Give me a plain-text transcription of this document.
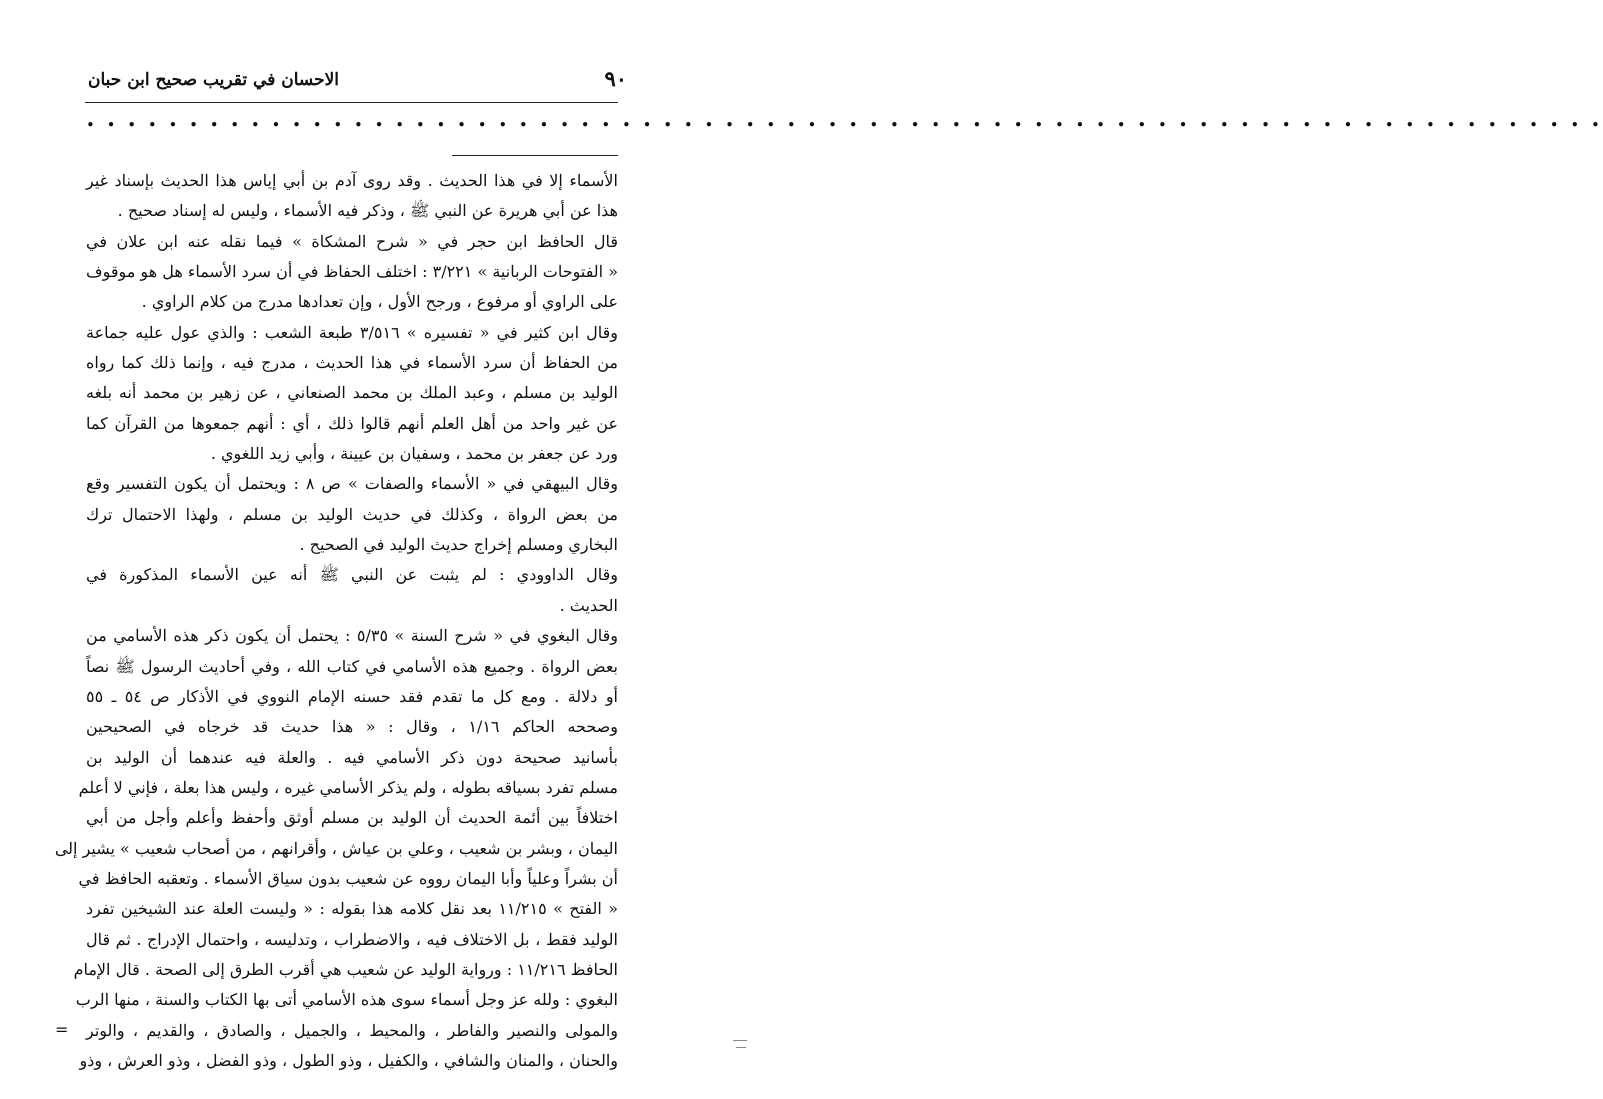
٩٠
الاحسان في تقريب صحيح ابن حبان
• • • • • • • • • • • • • • • • • • • • • • • • • • • • • • • • • • • • • • • • • • • • • • • • • • • • • • • • • • • • • • • • • • • • • • • • • •
الأسماء إلا في هذا الحديث . وقد روى آدم بن أبي إياس هذا الحديث بإسناد غير
هذا عن أبي هريرة عن النبي ﷺ ، وذكر فيه الأسماء ، وليس له إسناد صحيح .
قال الحافظ ابن حجر في « شرح المشكاة » فيما نقله عنه ابن علان في
« الفتوحات الربانية » ٣/٢٢١ : اختلف الحفاظ في أن سرد الأسماء هل هو موقوف
على الراوي أو مرفوع ، ورجح الأول ، وإن تعدادها مدرج من كلام الراوي .
وقال ابن كثير في « تفسيره » ٣/٥١٦ طبعة الشعب : والذي عول عليه جماعة
من الحفاظ أن سرد الأسماء في هذا الحديث ، مدرج فيه ، وإنما ذلك كما رواه
الوليد بن مسلم ، وعبد الملك بن محمد الصنعاني ، عن زهير بن محمد أنه بلغه
عن غير واحد من أهل العلم أنهم قالوا ذلك ، أي : أنهم جمعوها من القرآن كما
ورد عن جعفر بن محمد ، وسفيان بن عيينة ، وأبي زيد اللغوي .
وقال البيهقي في « الأسماء والصفات » ص ٨ : ويحتمل أن يكون التفسير وقع
من بعض الرواة ، وكذلك في حديث الوليد بن مسلم ، ولهذا الاحتمال ترك
البخاري ومسلم إخراج حديث الوليد في الصحيح .
وقال الداوودي : لم يثبت عن النبي ﷺ أنه عين الأسماء المذكورة في
الحديث .
وقال البغوي في « شرح السنة » ٥/٣٥ : يحتمل أن يكون ذكر هذه الأسامي من
بعض الرواة . وجميع هذه الأسامي في كتاب الله ، وفي أحاديث الرسول ﷺ نصاً
أو دلالة . ومع كل ما تقدم فقد حسنه الإمام النووي في الأذكار ص ٥٤ ـ ٥٥
وصححه الحاكم ١/١٦ ، وقال : « هذا حديث قد خرجاه في الصحيحين
بأسانيد صحيحة دون ذكر الأسامي فيه . والعلة فيه عندهما أن الوليد بن
مسلم تفرد بسياقه بطوله ، ولم يذكر الأسامي غيره ، وليس هذا بعلة ، فإني لا أعلم
اختلافاً بين أئمة الحديث أن الوليد بن مسلم أوثق وأحفظ وأعلم وأجل من أبي
اليمان ، وبشر بن شعيب ، وعلي بن عياش ، وأقرانهم ، من أصحاب شعيب » يشير إلى
أن بشراً وعلياً وأبا اليمان رووه عن شعيب بدون سياق الأسماء . وتعقبه الحافظ في
« الفتح » ١١/٢١٥ بعد نقل كلامه هذا بقوله : « وليست العلة عند الشيخين تفرد
الوليد فقط ، بل الاختلاف فيه ، والاضطراب ، وتدليسه ، واحتمال الإدراج . ثم قال
الحافظ ١١/٢١٦ : ورواية الوليد عن شعيب هي أقرب الطرق إلى الصحة . قال الإمام
البغوي : ولله عز وجل أسماء سوى هذه الأسامي أتى بها الكتاب والسنة ، منها الرب
والمولى والنصير والفاطر ، والمحيط ، والجميل ، والصادق ، والقديم ، والوتر
والحنان ، والمنان والشافي ، والكفيل ، وذو الطول ، وذو الفضل ، وذو العرش ، وذو
=
